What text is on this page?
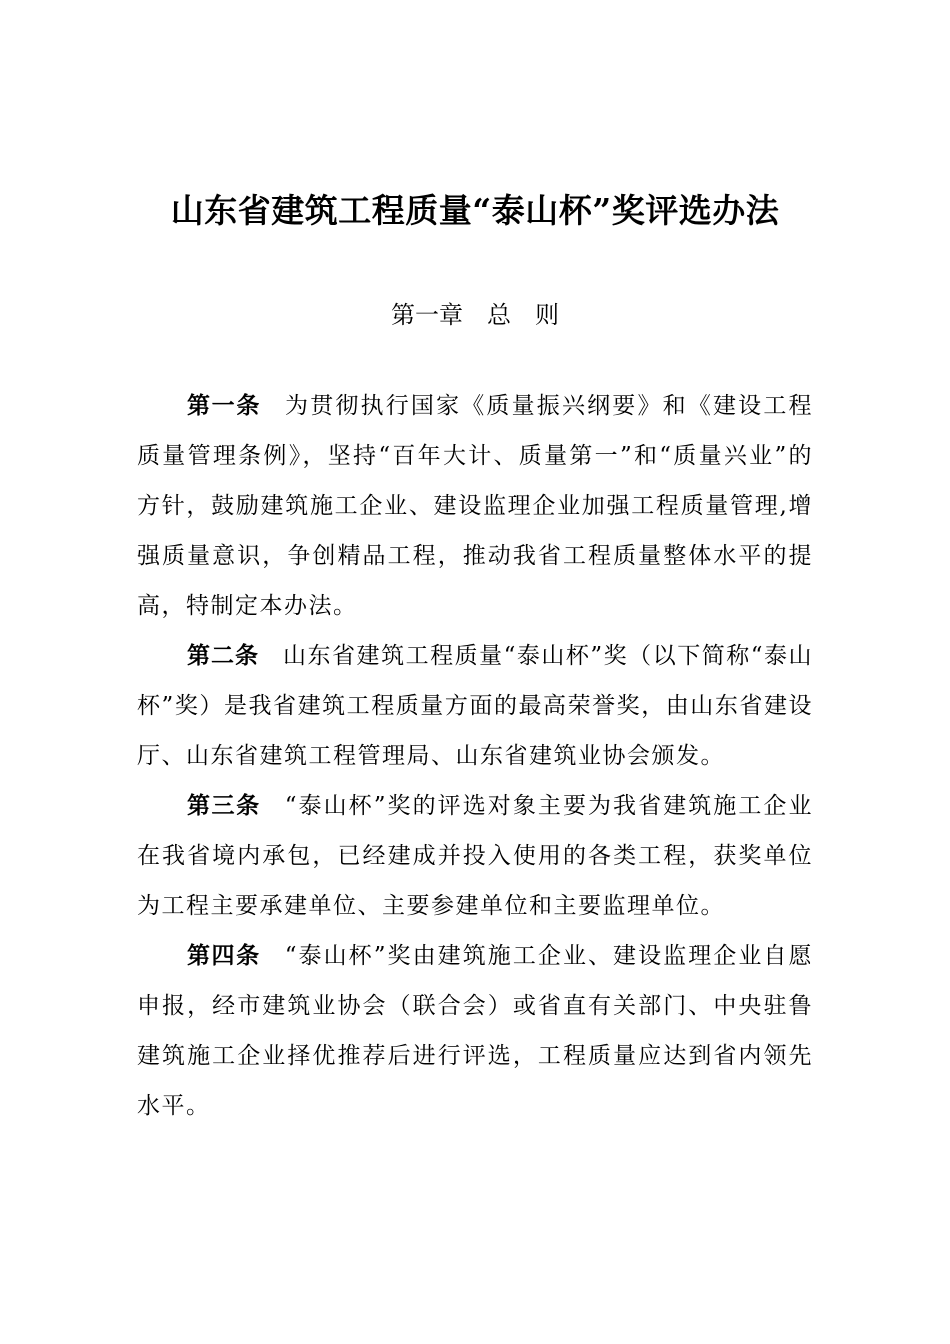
山东省建筑工程质量“泰山杯”奖评选办法
第一章　总　则

第一条 为贯彻执行国家《质量振兴纲要》和《建设工程质量管理条例》，坚持“百年大计、质量第一”和“质量兴业”的方针，鼓励建筑施工企业、建设监理企业加强工程质量管理,增强质量意识，争创精品工程，推动我省工程质量整体水平的提高，特制定本办法。

第二条 山东省建筑工程质量“泰山杯”奖（以下简称“泰山杯”奖）是我省建筑工程质量方面的最高荣誉奖，由山东省建设厅、山东省建筑工程管理局、山东省建筑业协会颁发。

第三条 “泰山杯”奖的评选对象主要为我省建筑施工企业在我省境内承包，已经建成并投入使用的各类工程，获奖单位为工程主要承建单位、主要参建单位和主要监理单位。

第四条 “泰山杯”奖由建筑施工企业、建设监理企业自愿申报，经市建筑业协会（联合会）或省直有关部门、中央驻鲁建筑施工企业择优推荐后进行评选，工程质量应达到省内领先水平。
